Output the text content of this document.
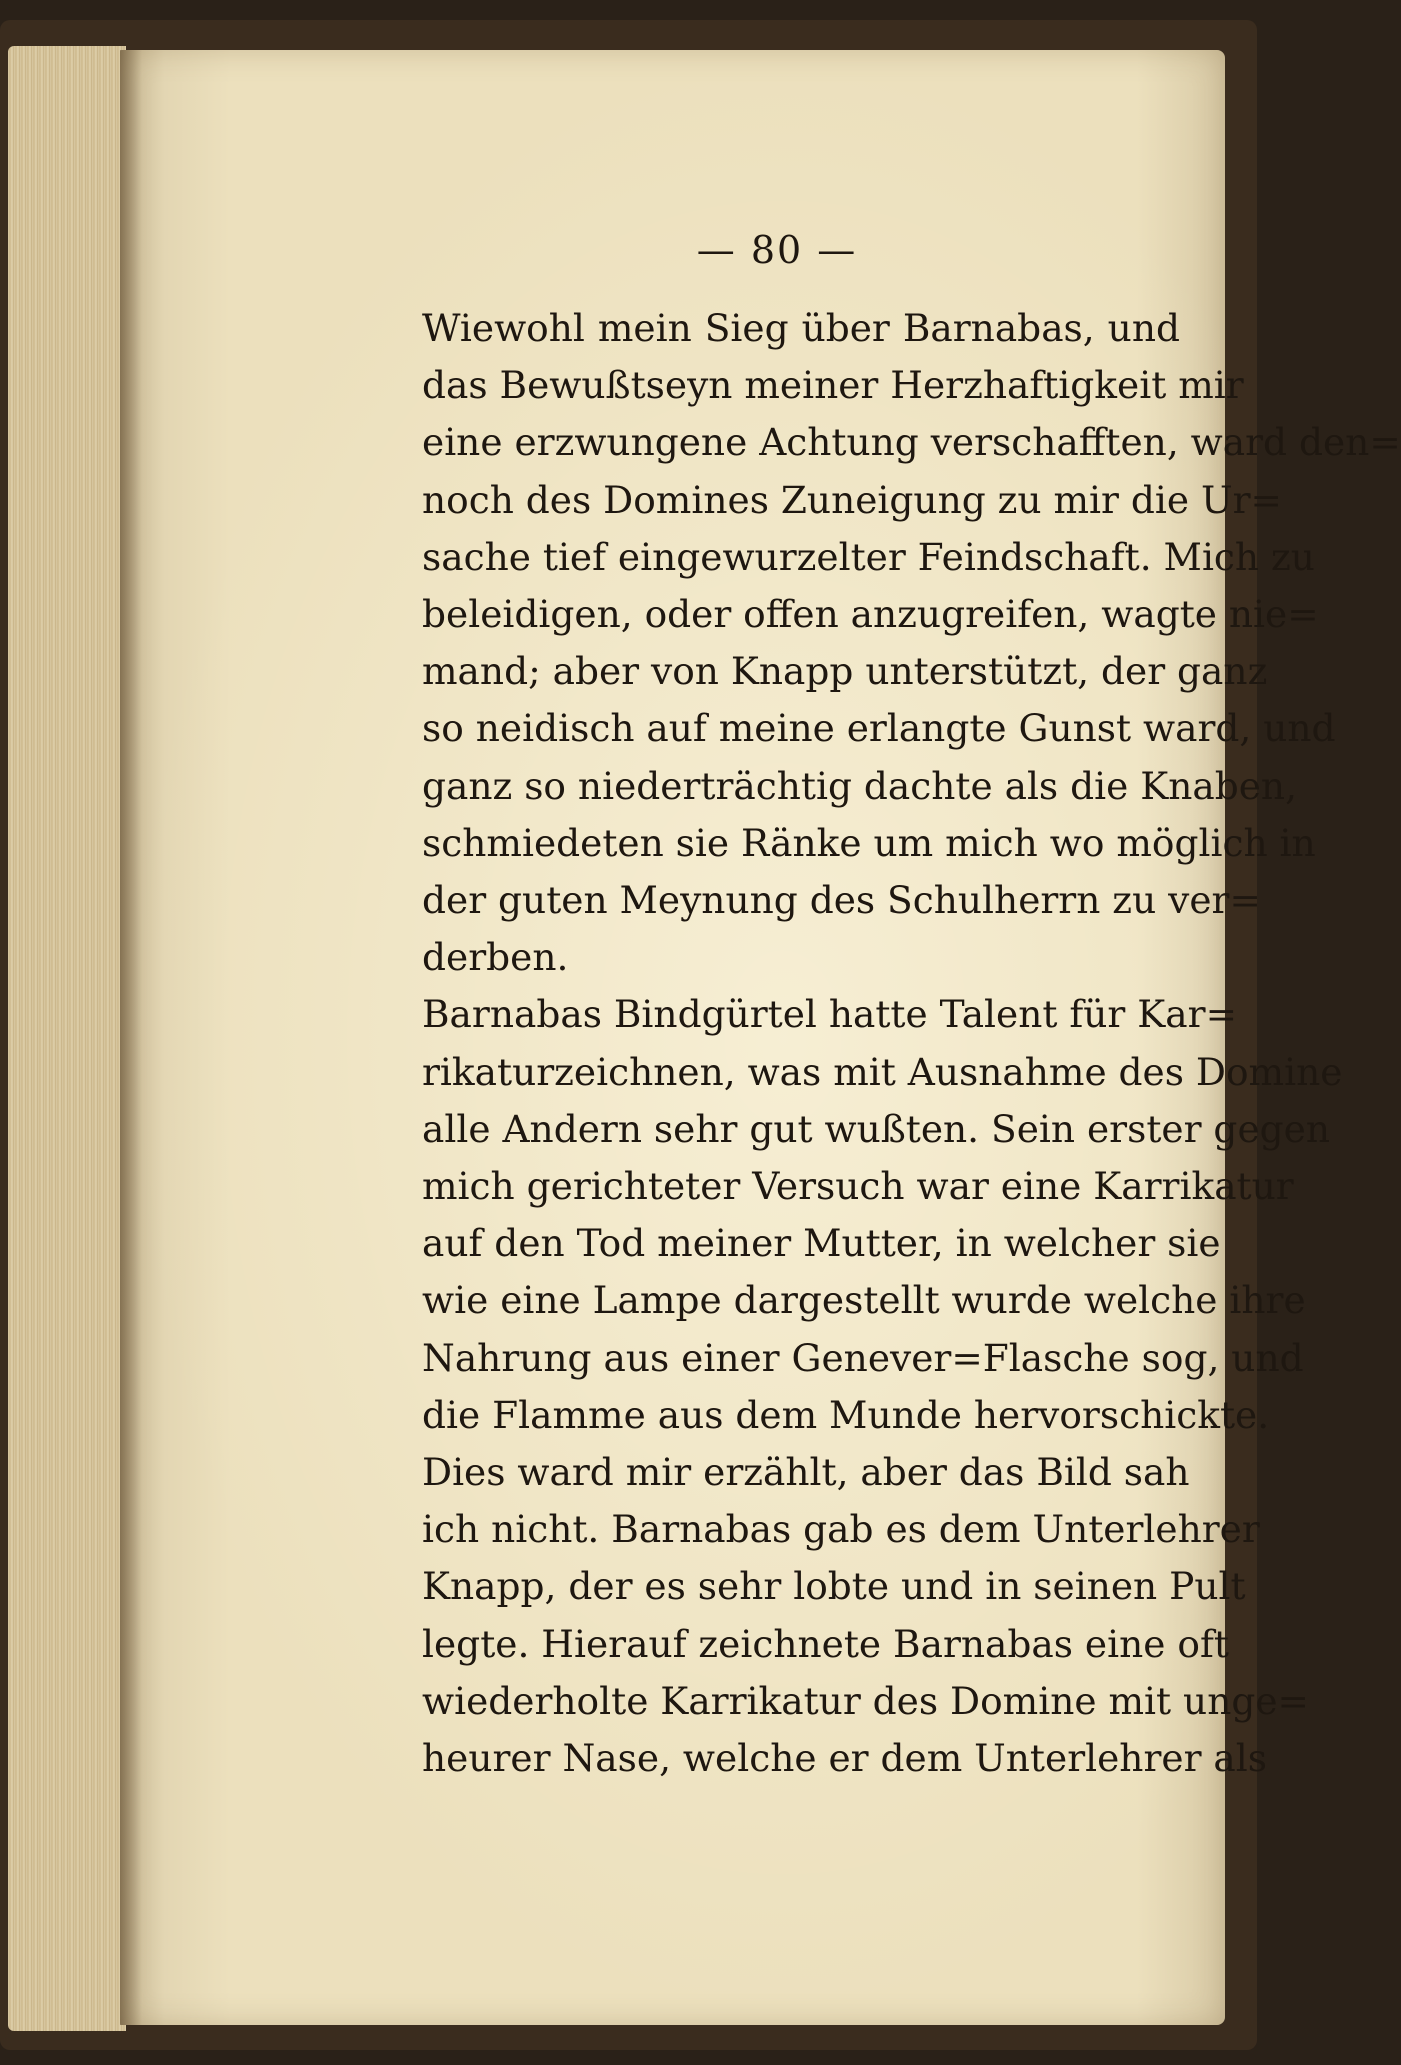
— 80 —

Wiewohl mein Sieg über Barnabas, und
das Bewußtseyn meiner Herzhaftigkeit mir
eine erzwungene Achtung verschafften, ward den=
noch des Domines Zuneigung zu mir die Ur=
sache tief eingewurzelter Feindschaft. Mich zu
beleidigen, oder offen anzugreifen, wagte nie=
mand; aber von Knapp unterstützt, der ganz
so neidisch auf meine erlangte Gunst ward, und
ganz so niederträchtig dachte als die Knaben,
schmiedeten sie Ränke um mich wo möglich in
der guten Meynung des Schulherrn zu ver=
derben.

Barnabas Bindgürtel hatte Talent für Kar=
rikaturzeichnen, was mit Ausnahme des Domine
alle Andern sehr gut wußten. Sein erster gegen
mich gerichteter Versuch war eine Karrikatur
auf den Tod meiner Mutter, in welcher sie
wie eine Lampe dargestellt wurde welche ihre
Nahrung aus einer Genever=Flasche sog, und
die Flamme aus dem Munde hervorschickte.
Dies ward mir erzählt, aber das Bild sah
ich nicht. Barnabas gab es dem Unterlehrer
Knapp, der es sehr lobte und in seinen Pult
legte. Hierauf zeichnete Barnabas eine oft
wiederholte Karrikatur des Domine mit unge=
heurer Nase, welche er dem Unterlehrer als
